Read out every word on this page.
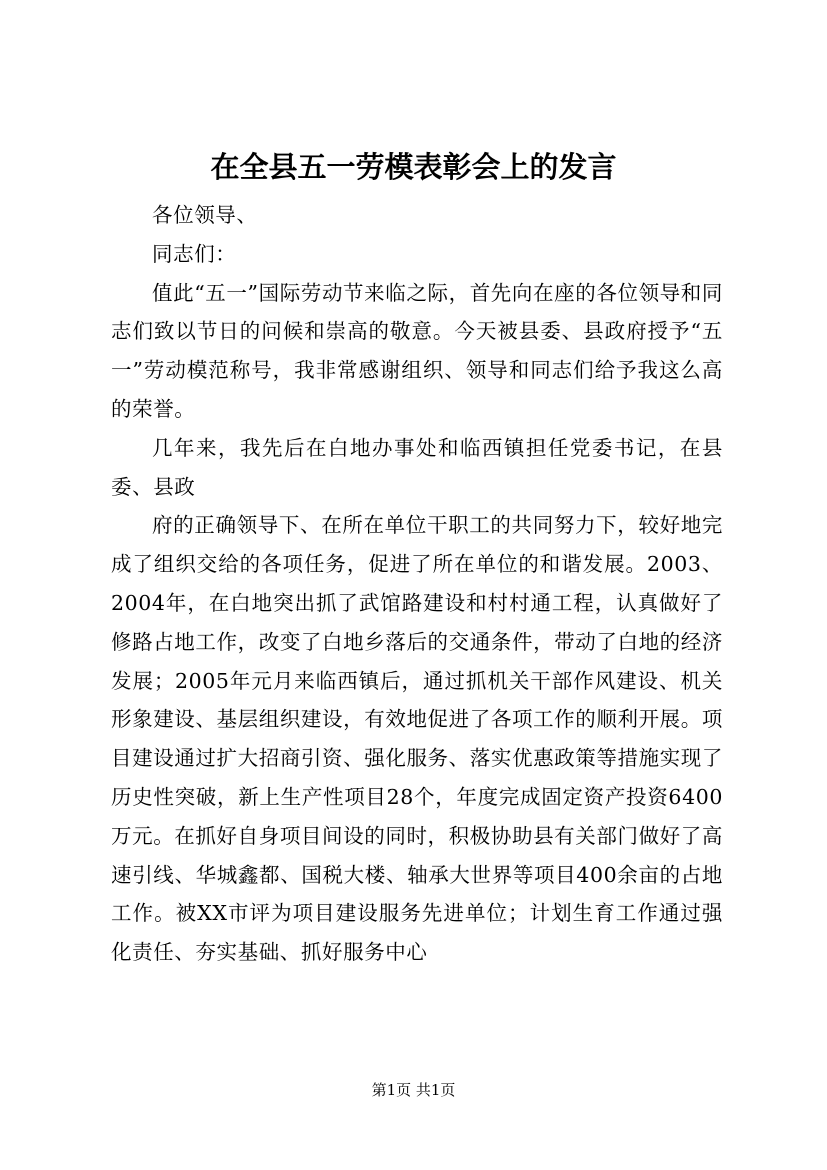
在全县五一劳模表彰会上的发言

各位领导、

同志们：

值此“五一”国际劳动节来临之际，首先向在座的各位领导和同志们致以节日的问候和崇高的敬意。今天被县委、县政府授予“五一”劳动模范称号，我非常感谢组织、领导和同志们给予我这么高的荣誉。

几年来，我先后在白地办事处和临西镇担任党委书记，在县委、县政

府的正确领导下、在所在单位干职工的共同努力下，较好地完成了组织交给的各项任务，促进了所在单位的和谐发展。2003、2004年，在白地突出抓了武馆路建设和村村通工程，认真做好了修路占地工作，改变了白地乡落后的交通条件，带动了白地的经济发展；2005年元月来临西镇后，通过抓机关干部作风建设、机关形象建设、基层组织建设，有效地促进了各项工作的顺利开展。项目建设通过扩大招商引资、强化服务、落实优惠政策等措施实现了历史性突破，新上生产性项目28个，年度完成固定资产投资6400万元。在抓好自身项目间设的同时，积极协助县有关部门做好了高速引线、华城鑫都、国税大楼、轴承大世界等项目400余亩的占地工作。被XX市评为项目建设服务先进单位；计划生育工作通过强化责任、夯实基础、抓好服务中心

第1页 共1页
